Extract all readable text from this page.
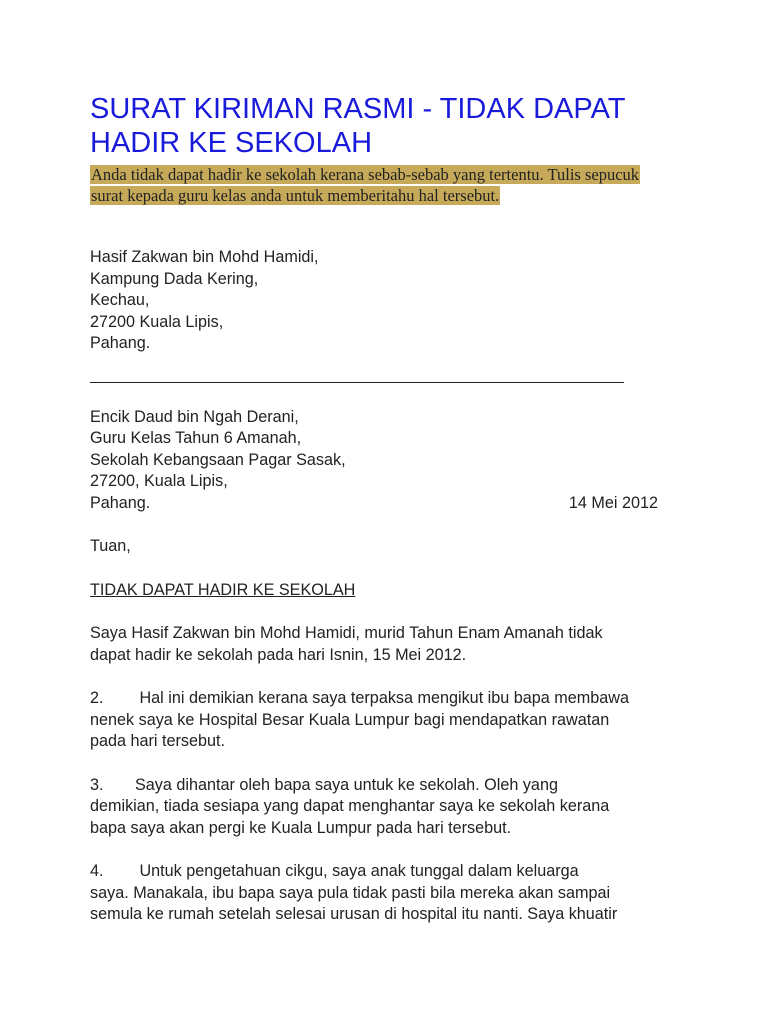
SURAT KIRIMAN RASMI - TIDAK DAPAT
HADIR KE SEKOLAH
Anda tidak dapat hadir ke sekolah kerana sebab-sebab yang tertentu. Tulis sepucuk
surat kepada guru kelas anda untuk memberitahu hal tersebut.
Hasif Zakwan bin Mohd Hamidi,
Kampung Dada Kering,
Kechau,
27200 Kuala Lipis,
Pahang.
____________________________________________________________
Encik Daud bin Ngah Derani,
Guru Kelas Tahun 6 Amanah,
Sekolah Kebangsaan Pagar Sasak,
27200, Kuala Lipis,
Pahang.	14 Mei 2012
Tuan,
TIDAK DAPAT HADIR KE SEKOLAH
Saya Hasif Zakwan bin Mohd Hamidi, murid Tahun Enam Amanah tidak
dapat hadir ke sekolah pada hari Isnin, 15 Mei 2012.
2.        Hal ini demikian kerana saya terpaksa mengikut ibu bapa membawa
nenek saya ke Hospital Besar Kuala Lumpur bagi mendapatkan rawatan
pada hari tersebut.
3.       Saya dihantar oleh bapa saya untuk ke sekolah. Oleh yang
demikian, tiada sesiapa yang dapat menghantar saya ke sekolah kerana
bapa saya akan pergi ke Kuala Lumpur pada hari tersebut.
4.        Untuk pengetahuan cikgu, saya anak tunggal dalam keluarga
saya. Manakala, ibu bapa saya pula tidak pasti bila mereka akan sampai
semula ke rumah setelah selesai urusan di hospital itu nanti. Saya khuatir
